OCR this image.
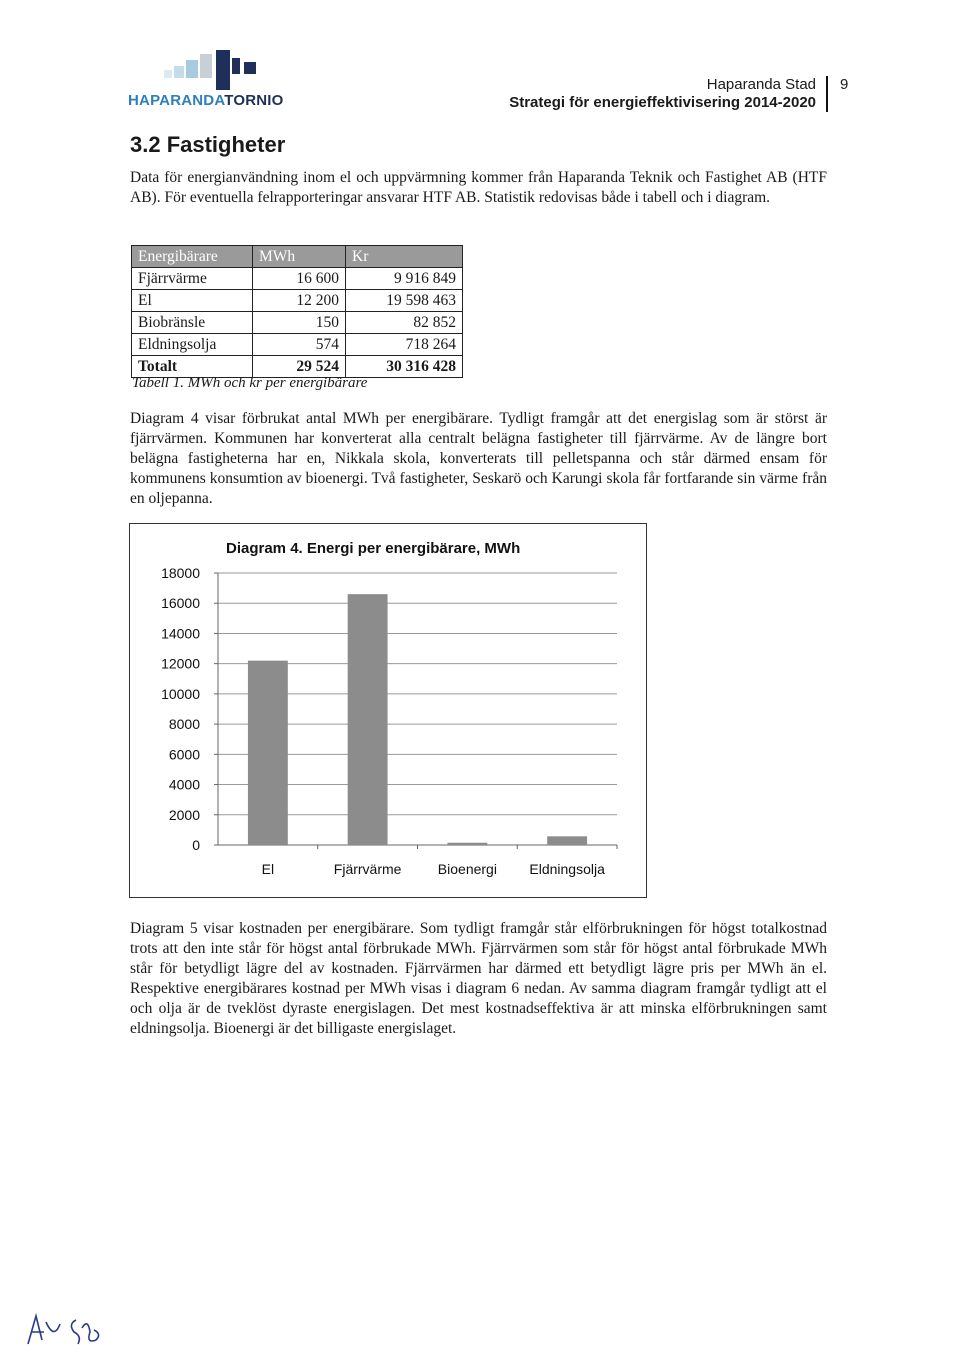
HAPARANDATORNIO
Haparanda Stad
Strategi för energieffektivisering 2014-2020
9
3.2 Fastigheter
Data för energianvändning inom el och uppvärmning kommer från Haparanda Teknik och Fastighet AB (HTF AB). För eventuella felrapporteringar ansvarar HTF AB. Statistik redovisas både i tabell och i diagram.
Energibärare	MWh	Kr
Fjärrvärme	16 600	9 916 849
El	12 200	19 598 463
Biobränsle	150	82 852
Eldningsolja	574	718 264
Totalt	29 524	30 316 428
Tabell 1. MWh och kr per energibärare
Diagram 4 visar förbrukat antal MWh per energibärare. Tydligt framgår att det energislag som är störst är fjärrvärmen. Kommunen har konverterat alla centralt belägna fastigheter till fjärrvärme. Av de längre bort belägna fastigheterna har en, Nikkala skola, konverterats till pelletspanna och står därmed ensam för kommunens konsumtion av bioenergi. Två fastigheter, Seskarö och Karungi skola får fortfarande sin värme från en oljepanna.
Diagram 4. Energi per energibärare, MWh
0
2000
4000
6000
8000
10000
12000
14000
16000
18000
El	Fjärrvärme	Bioenergi Eldningsolja
Diagram 5 visar kostnaden per energibärare. Som tydligt framgår står elförbrukningen för högst totalkostnad trots att den inte står för högst antal förbrukade MWh. Fjärrvärmen som står för högst antal förbrukade MWh står för betydligt lägre del av kostnaden. Fjärrvärmen har därmed ett betydligt lägre pris per MWh än el. Respektive energibärares kostnad per MWh visas i diagram 6 nedan. Av samma diagram framgår tydligt att el och olja är de tveklöst dyraste energislagen. Det mest kostnadseffektiva är att minska elförbrukningen samt eldningsolja. Bioenergi är det billigaste energislaget.
